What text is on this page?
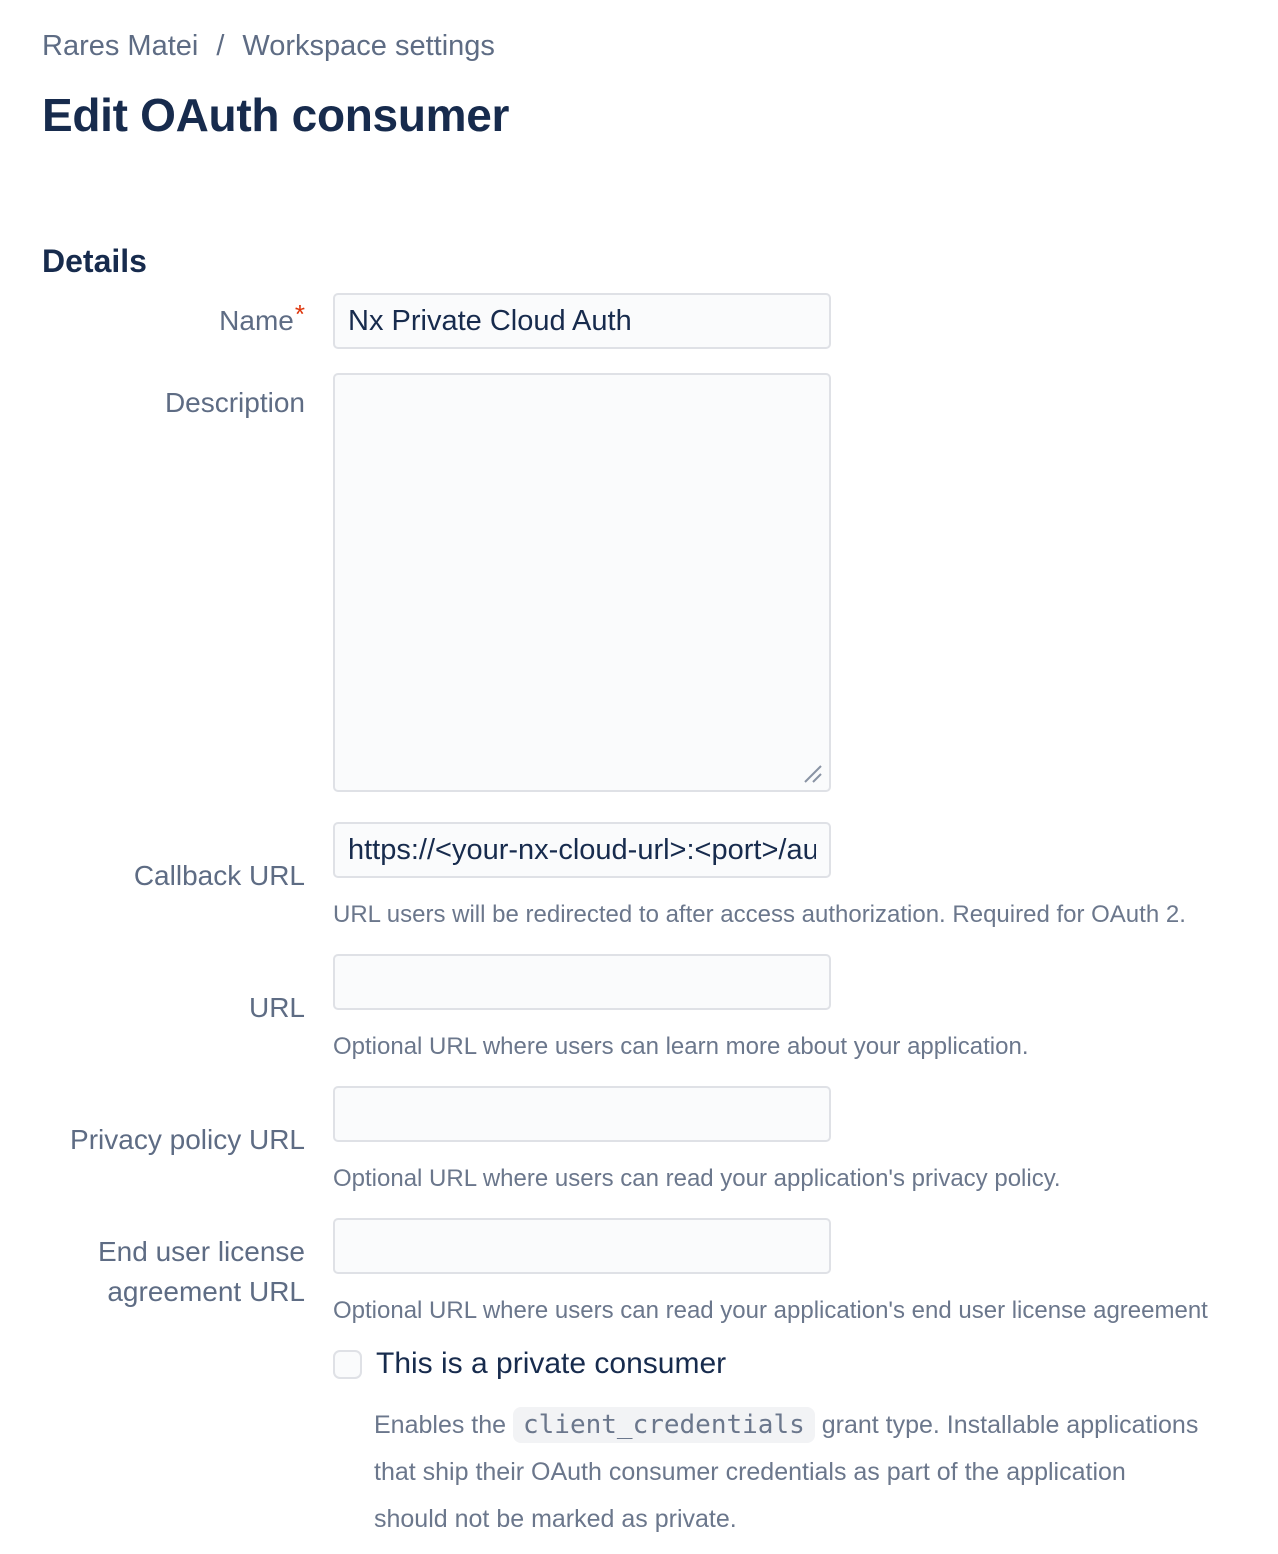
Rares Matei / Workspace settings
Edit OAuth consumer
Details
Name*
Nx Private Cloud Auth
Description
Callback URL
https://<your-nx-cloud-url>:<port>/aut
URL users will be redirected to after access authorization. Required for OAuth 2.
URL
Optional URL where users can learn more about your application.
Privacy policy URL
Optional URL where users can read your application's privacy policy.
End user license agreement URL
Optional URL where users can read your application's end user license agreement
This is a private consumer
Enables the client_credentials grant type. Installable applications that ship their OAuth consumer credentials as part of the application should not be marked as private.
